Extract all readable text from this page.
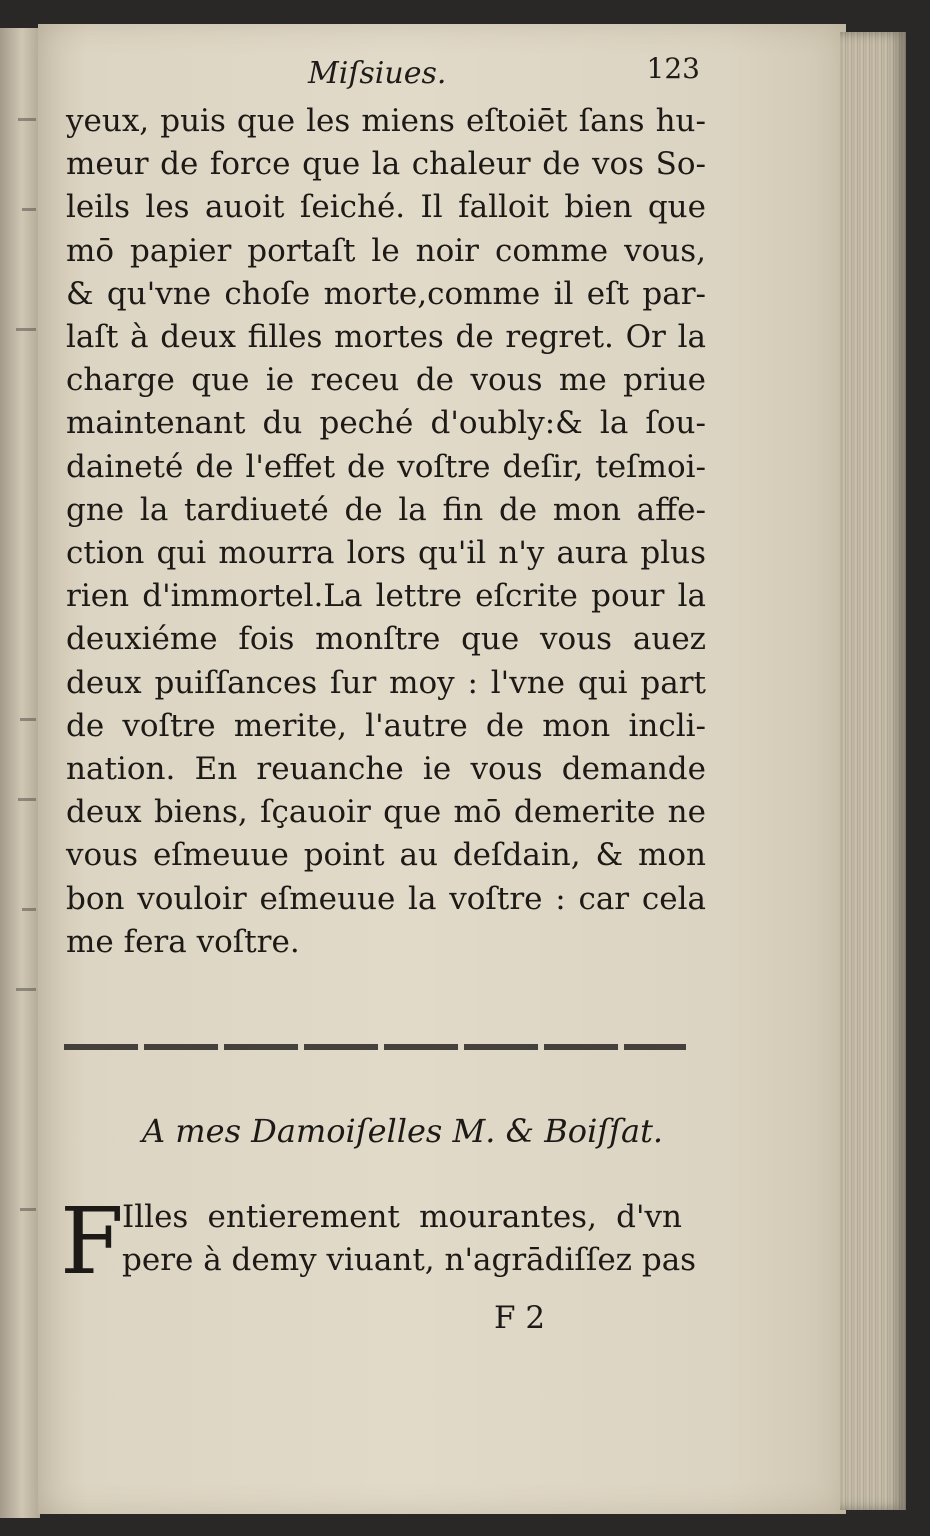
Miſsiues.	123
yeux, puis que les miens eſtoiēt ſans hu-
meur de force que la chaleur de vos So-
leils les auoit ſeiché. Il falloit bien que
mō papier portaſt le noir comme vous,
& qu'vne choſe morte,comme il eſt par-
laſt à deux filles mortes de regret. Or la
charge que ie receu de vous me priue
maintenant du peché d'oubly:& la ſou-
daineté de l'effet de voſtre deſir, teſmoi-
gne la tardiueté de la fin de mon affe-
ction qui mourra lors qu'il n'y aura plus
rien d'immortel.La lettre eſcrite pour la
deuxiéme fois monſtre que vous auez
deux puiſſances ſur moy : l'vne qui part
de voſtre merite, l'autre de mon incli-
nation. En reuanche ie vous demande
deux biens, ſçauoir que mō demerite ne
vous eſmeuue point au deſdain, & mon
bon vouloir eſmeuue la voſtre : car cela
me fera voſtre.
A mes Damoiſelles M. & Boiſſat.
F
Illes entierement mourantes, d'vn
pere à demy viuant, n'agrādiſſez pas
F 2
